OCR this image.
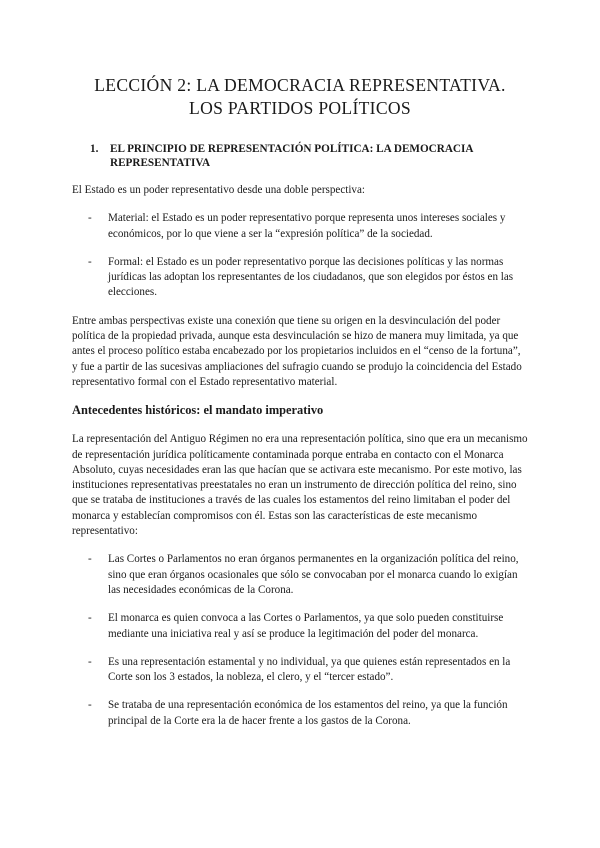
LECCIÓN 2: LA DEMOCRACIA REPRESENTATIVA.
LOS PARTIDOS POLÍTICOS
1.	EL PRINCIPIO DE REPRESENTACIÓN POLÍTICA: LA DEMOCRACIA
REPRESENTATIVA

El Estado es un poder representativo desde una doble perspectiva:

-	Material: el Estado es un poder representativo porque representa unos intereses sociales y económicos, por lo que viene a ser la “expresión política” de la sociedad.
-	Formal: el Estado es un poder representativo porque las decisiones políticas y las normas jurídicas las adoptan los representantes de los ciudadanos, que son elegidos por éstos en las elecciones.

Entre ambas perspectivas existe una conexión que tiene su origen en la desvinculación del poder política de la propiedad privada, aunque esta desvinculación se hizo de manera muy limitada, ya que antes el proceso político estaba encabezado por los propietarios incluidos en el “censo de la fortuna”, y fue a partir de las sucesivas ampliaciones del sufragio cuando se produjo la coincidencia del Estado representativo formal con el Estado representativo material.

Antecedentes históricos: el mandato imperativo

La representación del Antiguo Régimen no era una representación política, sino que era un mecanismo de representación jurídica políticamente contaminada porque entraba en contacto con el Monarca Absoluto, cuyas necesidades eran las que hacían que se activara este mecanismo. Por este motivo, las instituciones representativas preestatales no eran un instrumento de dirección política del reino, sino que se trataba de instituciones a través de las cuales los estamentos del reino limitaban el poder del monarca y establecían compromisos con él. Estas son las características de este mecanismo representativo:

-	Las Cortes o Parlamentos no eran órganos permanentes en la organización política del reino, sino que eran órganos ocasionales que sólo se convocaban por el monarca cuando lo exigían las necesidades económicas de la Corona.
-	El monarca es quien convoca a las Cortes o Parlamentos, ya que solo pueden constituirse mediante una iniciativa real y así se produce la legitimación del poder del monarca.
-	Es una representación estamental y no individual, ya que quienes están representados en la Corte son los 3 estados, la nobleza, el clero, y el “tercer estado”.
-	Se trataba de una representación económica de los estamentos del reino, ya que la función principal de la Corte era la de hacer frente a los gastos de la Corona.
